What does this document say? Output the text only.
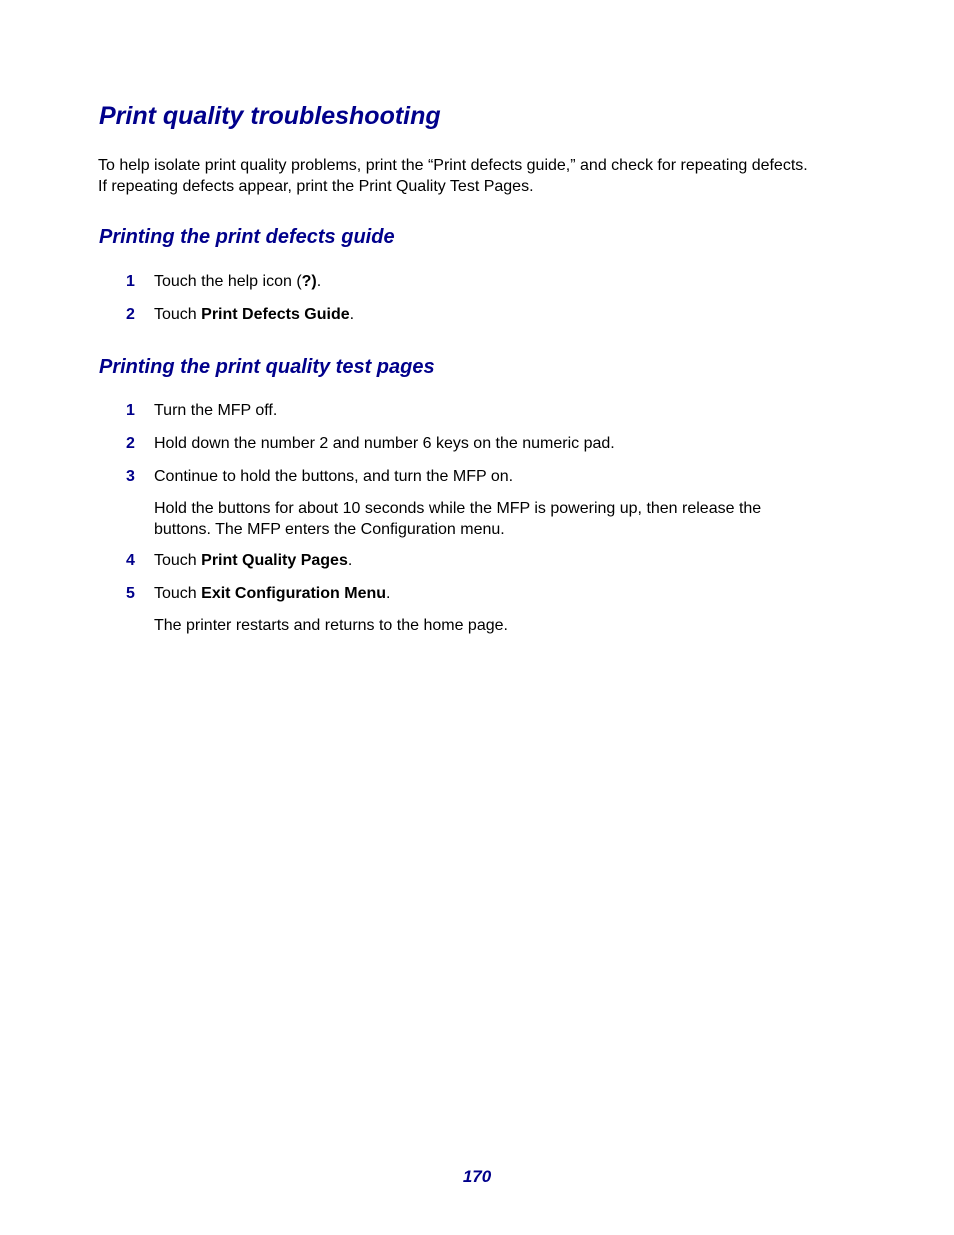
Print quality troubleshooting

To help isolate print quality problems, print the “Print defects guide,” and check for repeating defects.

If repeating defects appear, print the Print Quality Test Pages.

Printing the print defects guide
1	Touch the help icon (?).
2	Touch Print Defects Guide.
Printing the print quality test pages
1	Turn the MFP off.
2	Hold down the number 2 and number 6 keys on the numeric pad.
3	Continue to hold the buttons, and turn the MFP on.
Hold the buttons for about 10 seconds while the MFP is powering up, then release the
buttons. The MFP enters the Configuration menu.
4	Touch Print Quality Pages.
5	Touch Exit Configuration Menu.

The printer restarts and returns to the home page.

170
